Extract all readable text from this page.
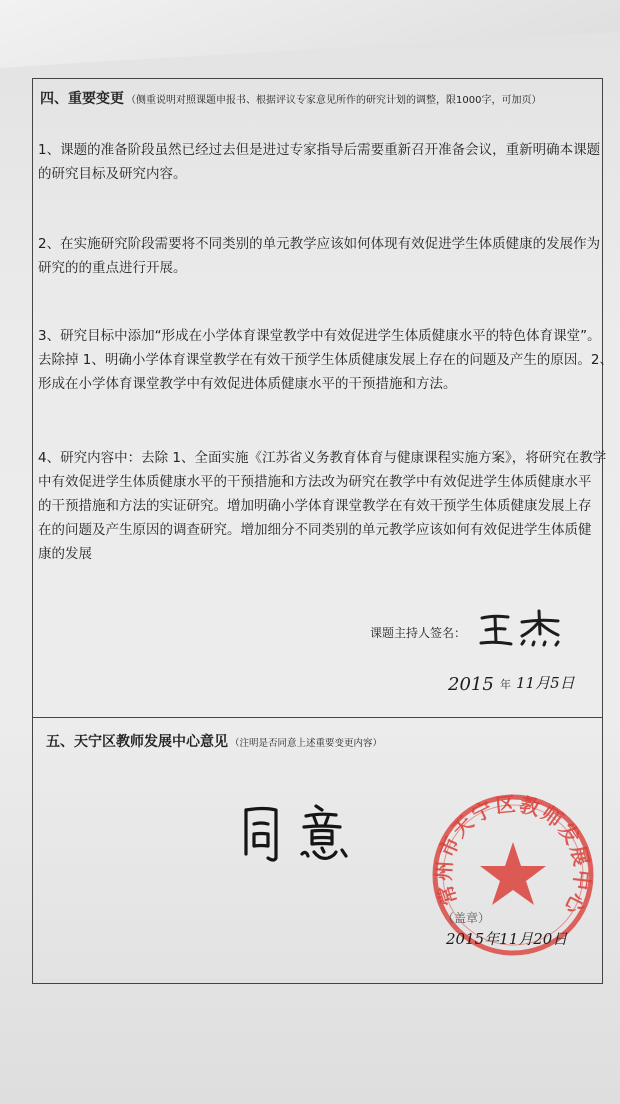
四、重要变更 （侧重说明对照课题申报书、根据评议专家意见所作的研究计划的调整，限1000字，可加页）
1、课题的准备阶段虽然已经过去但是进过专家指导后需要重新召开准备会议，重新明确本课题
的研究目标及研究内容。
2、在实施研究阶段需要将不同类别的单元教学应该如何体现有效促进学生体质健康的发展作为
研究的的重点进行开展。
3、研究目标中添加“形成在小学体育课堂教学中有效促进学生体质健康水平的特色体育课堂”。
去除掉 1、明确小学体育课堂教学在有效干预学生体质健康发展上存在的问题及产生的原因。2、
形成在小学体育课堂教学中有效促进体质健康水平的干预措施和方法。
4、研究内容中：去除 1、全面实施《江苏省义务教育体育与健康课程实施方案》，将研究在教学
中有效促进学生体质健康水平的干预措施和方法改为研究在教学中有效促进学生体质健康水平
的干预措施和方法的实证研究。增加明确小学体育课堂教学在有效干预学生体质健康发展上存
在的问题及产生原因的调查研究。增加细分不同类别的单元教学应该如何有效促进学生体质健
康的发展
课题主持人签名：
2015 年 11月5日
五、天宁区教师发展中心意见 （注明是否同意上述重要变更内容）
常州市天宁区教师发展中心
（盖章）
2015年11月20日
